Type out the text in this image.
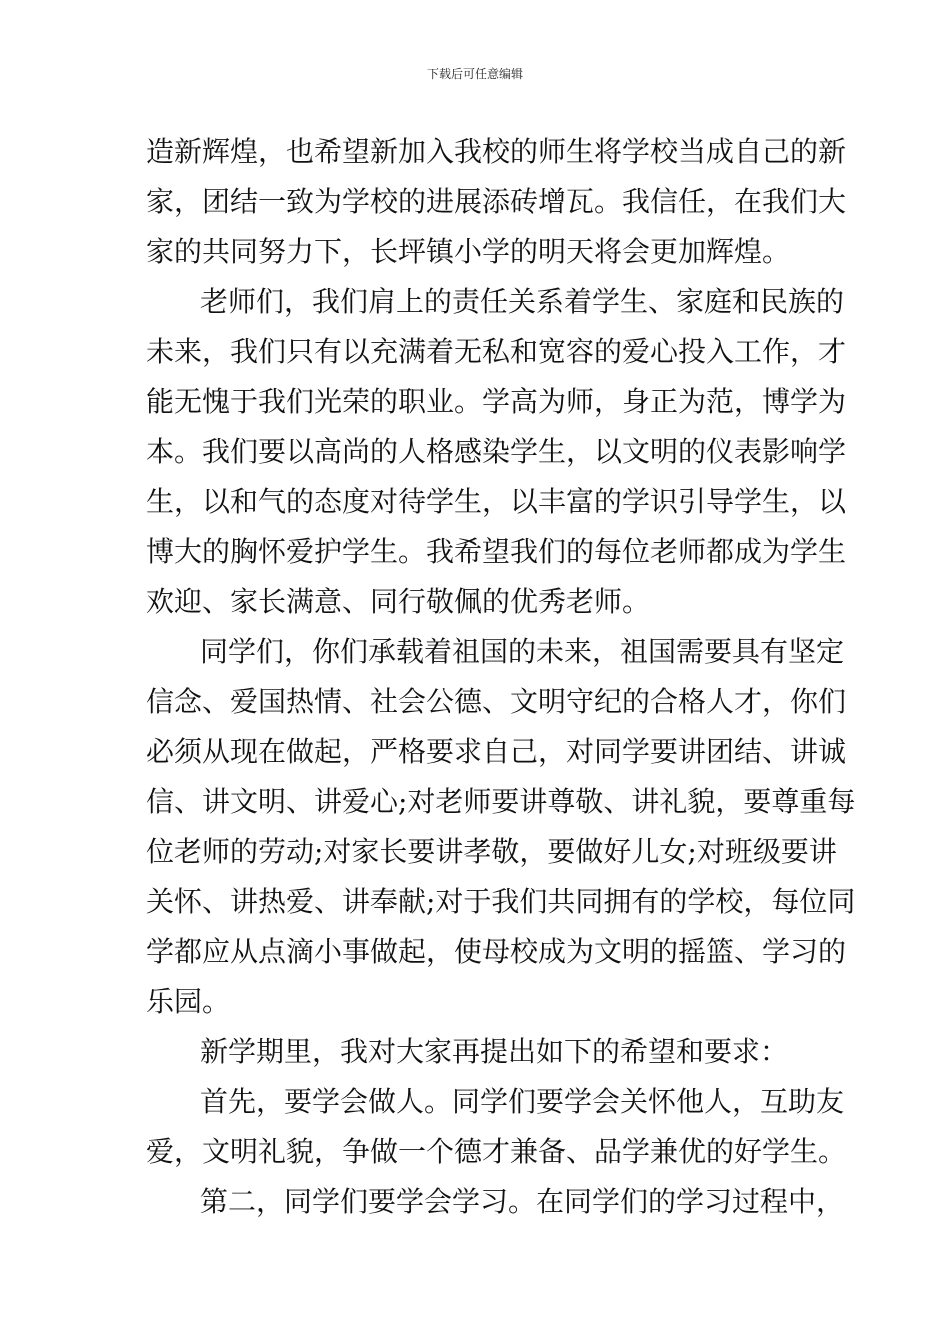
下载后可任意编辑
造新辉煌，也希望新加入我校的师生将学校当成自己的新
家，团结一致为学校的进展添砖增瓦。我信任，在我们大
家的共同努力下，长坪镇小学的明天将会更加辉煌。
老师们，我们肩上的责任关系着学生、家庭和民族的
未来，我们只有以充满着无私和宽容的爱心投入工作，才
能无愧于我们光荣的职业。学高为师，身正为范，博学为
本。我们要以高尚的人格感染学生，以文明的仪表影响学
生，以和气的态度对待学生，以丰富的学识引导学生，以
博大的胸怀爱护学生。我希望我们的每位老师都成为学生
欢迎、家长满意、同行敬佩的优秀老师。
同学们，你们承载着祖国的未来，祖国需要具有坚定
信念、爱国热情、社会公德、文明守纪的合格人才，你们
必须从现在做起，严格要求自己，对同学要讲团结、讲诚
信、讲文明、讲爱心;对老师要讲尊敬、讲礼貌，要尊重每
位老师的劳动;对家长要讲孝敬，要做好儿女;对班级要讲
关怀、讲热爱、讲奉献;对于我们共同拥有的学校，每位同
学都应从点滴小事做起，使母校成为文明的摇篮、学习的
乐园。
新学期里，我对大家再提出如下的希望和要求：
首先，要学会做人。同学们要学会关怀他人，互助友
爱，文明礼貌，争做一个德才兼备、品学兼优的好学生。
第二，同学们要学会学习。在同学们的学习过程中，
